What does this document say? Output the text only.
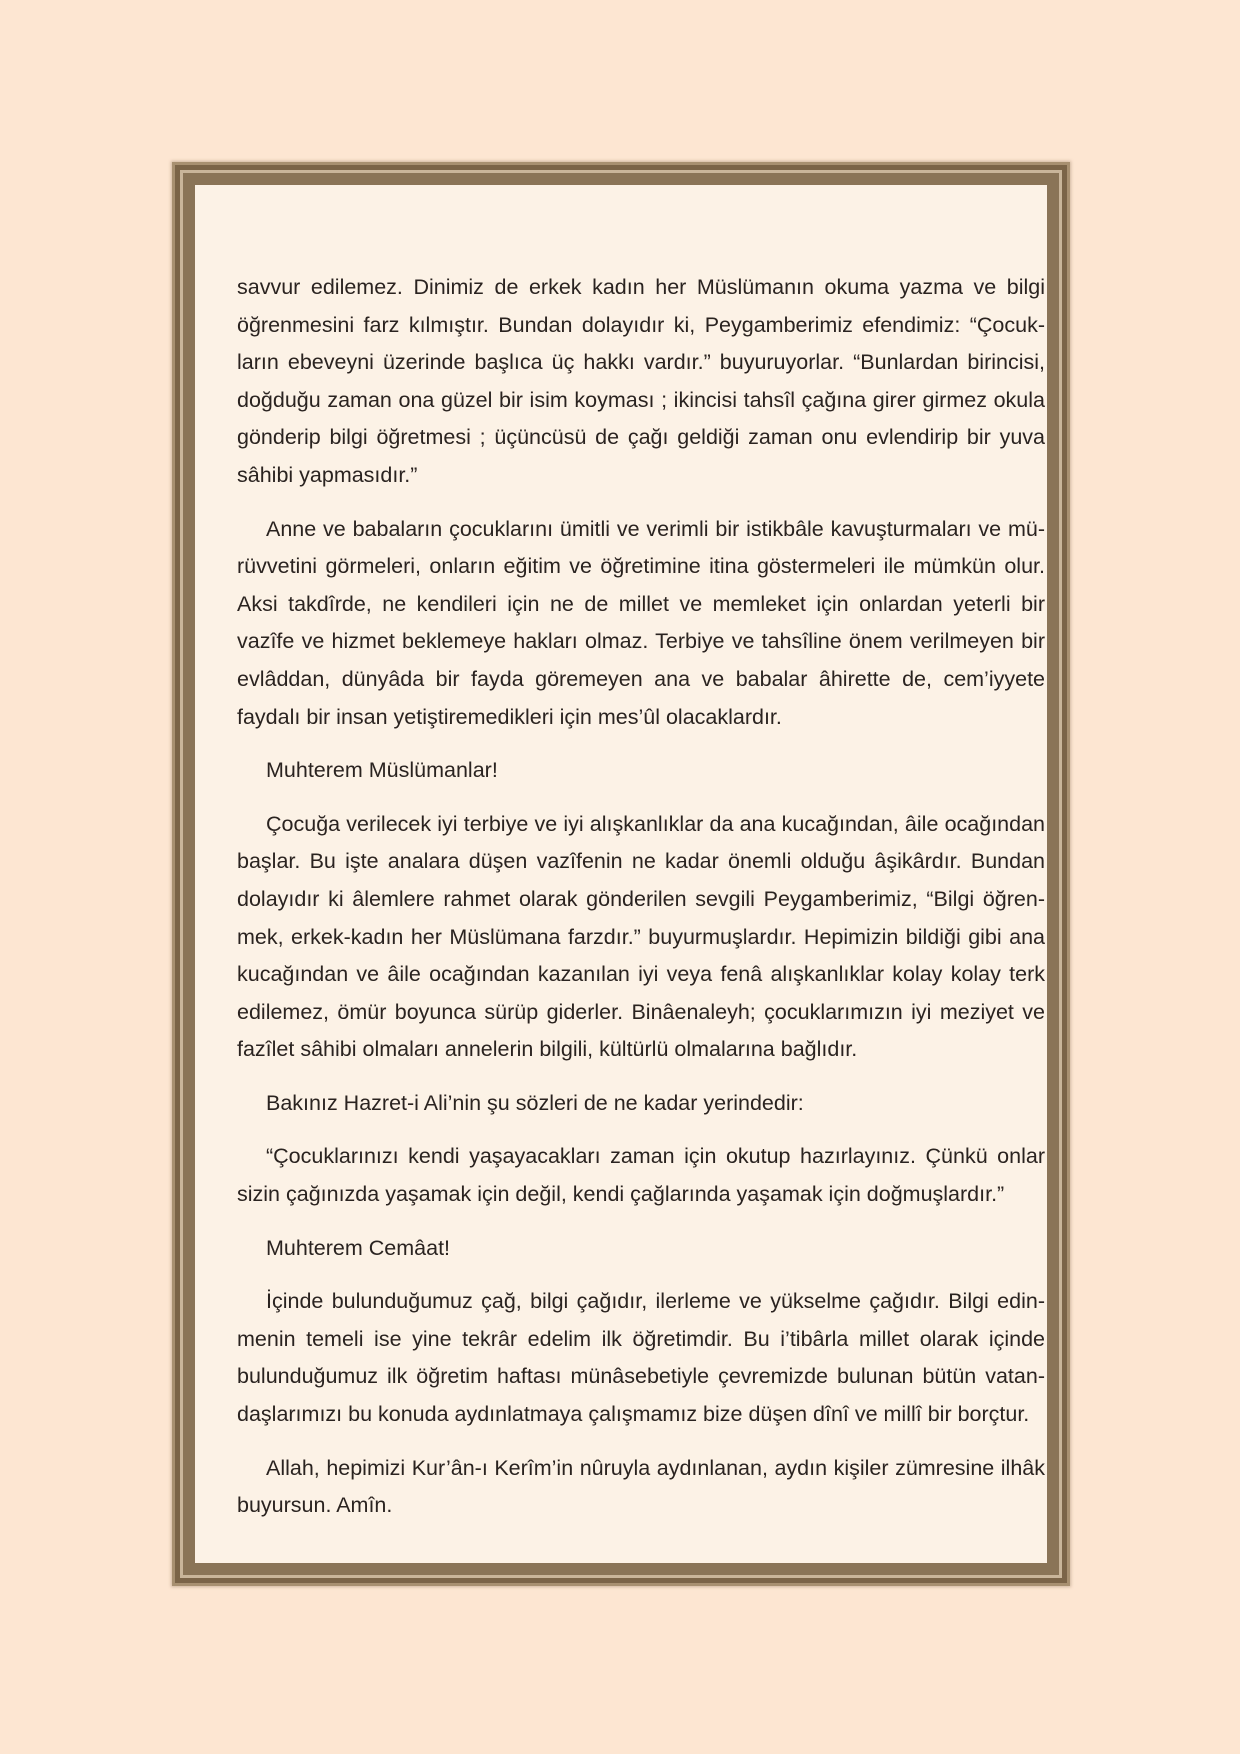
savvur edilemez. Dinimiz de erkek kadın her Müslümanın okuma yazma ve bilgi öğrenmesini farz kılmıştır. Bundan dolayıdır ki, Peygamberimiz efendimiz: “Çocukların ebeveyni üzerinde başlıca üç hakkı vardır.” buyuruyorlar. “Bunlardan birincisi, doğduğu zaman ona güzel bir isim koyması ; ikincisi tahsîl çağına girer girmez okula gönderip bilgi öğretmesi ; üçüncüsü de çağı geldiği zaman onu evlendirip bir yuva sâhibi yapmasıdır.”

Anne ve babaların çocuklarını ümitli ve verimli bir istikbâle kavuşturmaları ve mürüvvetini görmeleri, onların eğitim ve öğretimine itina göstermeleri ile mümkün olur. Aksi takdîrde, ne kendileri için ne de millet ve memleket için onlardan yeterli bir vazîfe ve hizmet beklemeye hakları olmaz. Terbiye ve tahsîline önem verilmeyen bir evlâddan, dünyâda bir fayda göremeyen ana ve babalar âhirette de, cem’iyyete faydalı bir insan yetiştiremedikleri için mes’ûl olacaklardır.

Muhterem Müslümanlar!

Çocuğa verilecek iyi terbiye ve iyi alışkanlıklar da ana kucağından, âile ocağından başlar. Bu işte analara düşen vazîfenin ne kadar önemli olduğu âşikârdır. Bundan dolayıdır ki âlemlere rahmet olarak gönderilen sevgili Peygamberimiz, “Bilgi öğrenmek, erkek-kadın her Müslümana farzdır.” buyurmuşlardır. Hepimizin bildiği gibi ana kucağından ve âile ocağından kazanılan iyi veya fenâ alışkanlıklar kolay kolay terk edilemez, ömür boyunca sürüp giderler. Binâenaleyh; çocuklarımızın iyi meziyet ve fazîlet sâhibi olmaları annelerin bilgili, kültürlü olmalarına bağlıdır.

Bakınız Hazret-i Ali’nin şu sözleri de ne kadar yerindedir:

“Çocuklarınızı kendi yaşayacakları zaman için okutup hazırlayınız. Çünkü onlar sizin çağınızda yaşamak için değil, kendi çağlarında yaşamak için doğmuşlardır.”

Muhterem Cemâat!

İçinde bulunduğumuz çağ, bilgi çağıdır, ilerleme ve yükselme çağıdır. Bilgi edinmenin temeli ise yine tekrâr edelim ilk öğretimdir. Bu i’tibârla millet olarak içinde bulunduğumuz ilk öğretim haftası münâsebetiyle çevremizde bulunan bütün vatandaşlarımızı bu konuda aydınlatmaya çalışmamız bize düşen dînî ve millî bir borçtur.

Allah, hepimizi Kur’ân-ı Kerîm’in nûruyla aydınlanan, aydın kişiler zümresine ilhâk buyursun. Amîn.
